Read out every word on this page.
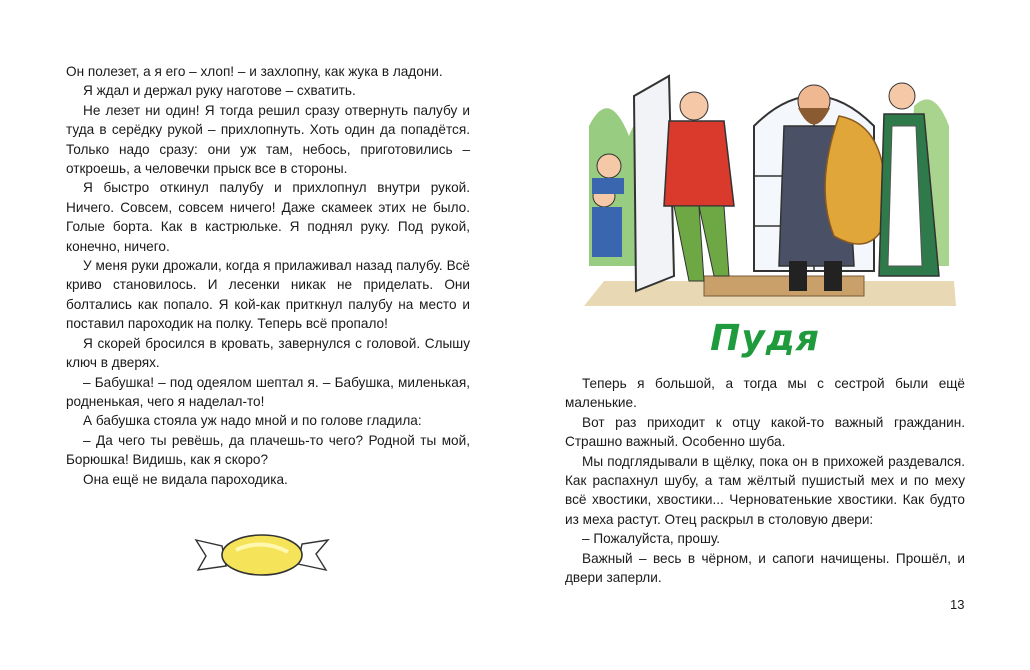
Он полезет, а я его – хлоп! – и захлопну, как жука в ладони.

Я ждал и держал руку наготове – схватить.

Не лезет ни один! Я тогда решил сразу отвернуть палубу и туда в серёдку рукой – прихлопнуть. Хоть один да попадётся. Только надо сразу: они уж там, небось, приготовились – откроешь, а человечки прыск все в стороны.

Я быстро откинул палубу и прихлопнул внутри рукой. Ничего. Совсем, совсем ничего! Даже скамеек этих не было. Голые борта. Как в кастрюльке. Я поднял руку. Под рукой, конечно, ничего.

У меня руки дрожали, когда я прилаживал назад палубу. Всё криво становилось. И лесенки никак не приделать. Они болтались как попало. Я кой-как приткнул палубу на место и поставил пароходик на полку. Теперь всё пропало!

Я скорей бросился в кровать, завернулся с головой. Слышу ключ в дверях.

– Бабушка! – под одеялом шептал я. – Бабушка, миленькая, родненькая, чего я наделал-то!

А бабушка стояла уж надо мной и по голове гладила:

– Да чего ты ревёшь, да плачешь-то чего? Родной ты мой, Борюшка! Видишь, как я скоро?

Она ещё не видала пароходика.

Пудя

Теперь я большой, а тогда мы с сестрой были ещё маленькие.

Вот раз приходит к отцу какой-то важный гражданин. Страшно важный. Особенно шуба.

Мы подглядывали в щёлку, пока он в прихожей раздевался. Как распахнул шубу, а там жёлтый пушистый мех и по меху всё хвостики, хвостики... Черноватенькие хвостики. Как будто из меха растут. Отец раскрыл в столовую двери:

– Пожалуйста, прошу.

Важный – весь в чёрном, и сапоги начищены. Прошёл, и двери заперли.

13
